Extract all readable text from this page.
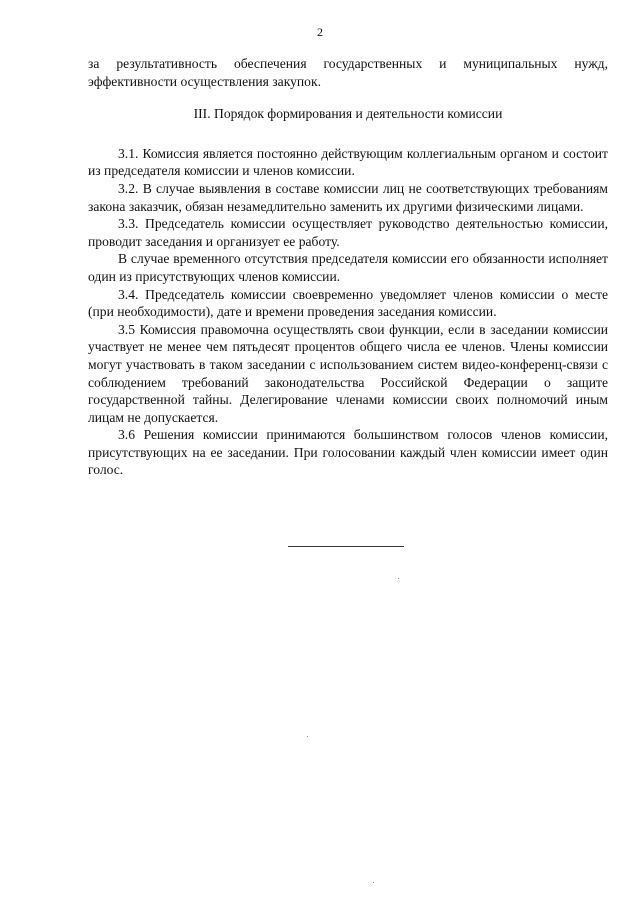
2

за результативность обеспечения государственных и муниципальных нужд, эффективности осуществления закупок.

III. Порядок формирования и деятельности комиссии

3.1. Комиссия является постоянно действующим коллегиальным органом и состоит из председателя комиссии и членов комиссии.

3.2. В случае выявления в составе комиссии лиц не соответствующих требованиям закона заказчик, обязан незамедлительно заменить их другими физическими лицами.

3.3. Председатель комиссии осуществляет руководство деятельностью комиссии, проводит заседания и организует ее работу.

В случае временного отсутствия председателя комиссии его обязанности исполняет один из присутствующих членов комиссии.

3.4. Председатель комиссии своевременно уведомляет членов комиссии о месте (при необходимости), дате и времени проведения заседания комиссии.

3.5 Комиссия правомочна осуществлять свои функции, если в заседании комиссии участвует не менее чем пятьдесят процентов общего числа ее членов. Члены комиссии могут участвовать в таком заседании с использованием систем видео-конференц-связи с соблюдением требований законодательства Российской Федерации о защите государственной тайны. Делегирование членами комиссии своих полномочий иным лицам не допускается.

3.6 Решения комиссии принимаются большинством голосов членов комиссии, присутствующих на ее заседании. При голосовании каждый член комиссии имеет один голос.
